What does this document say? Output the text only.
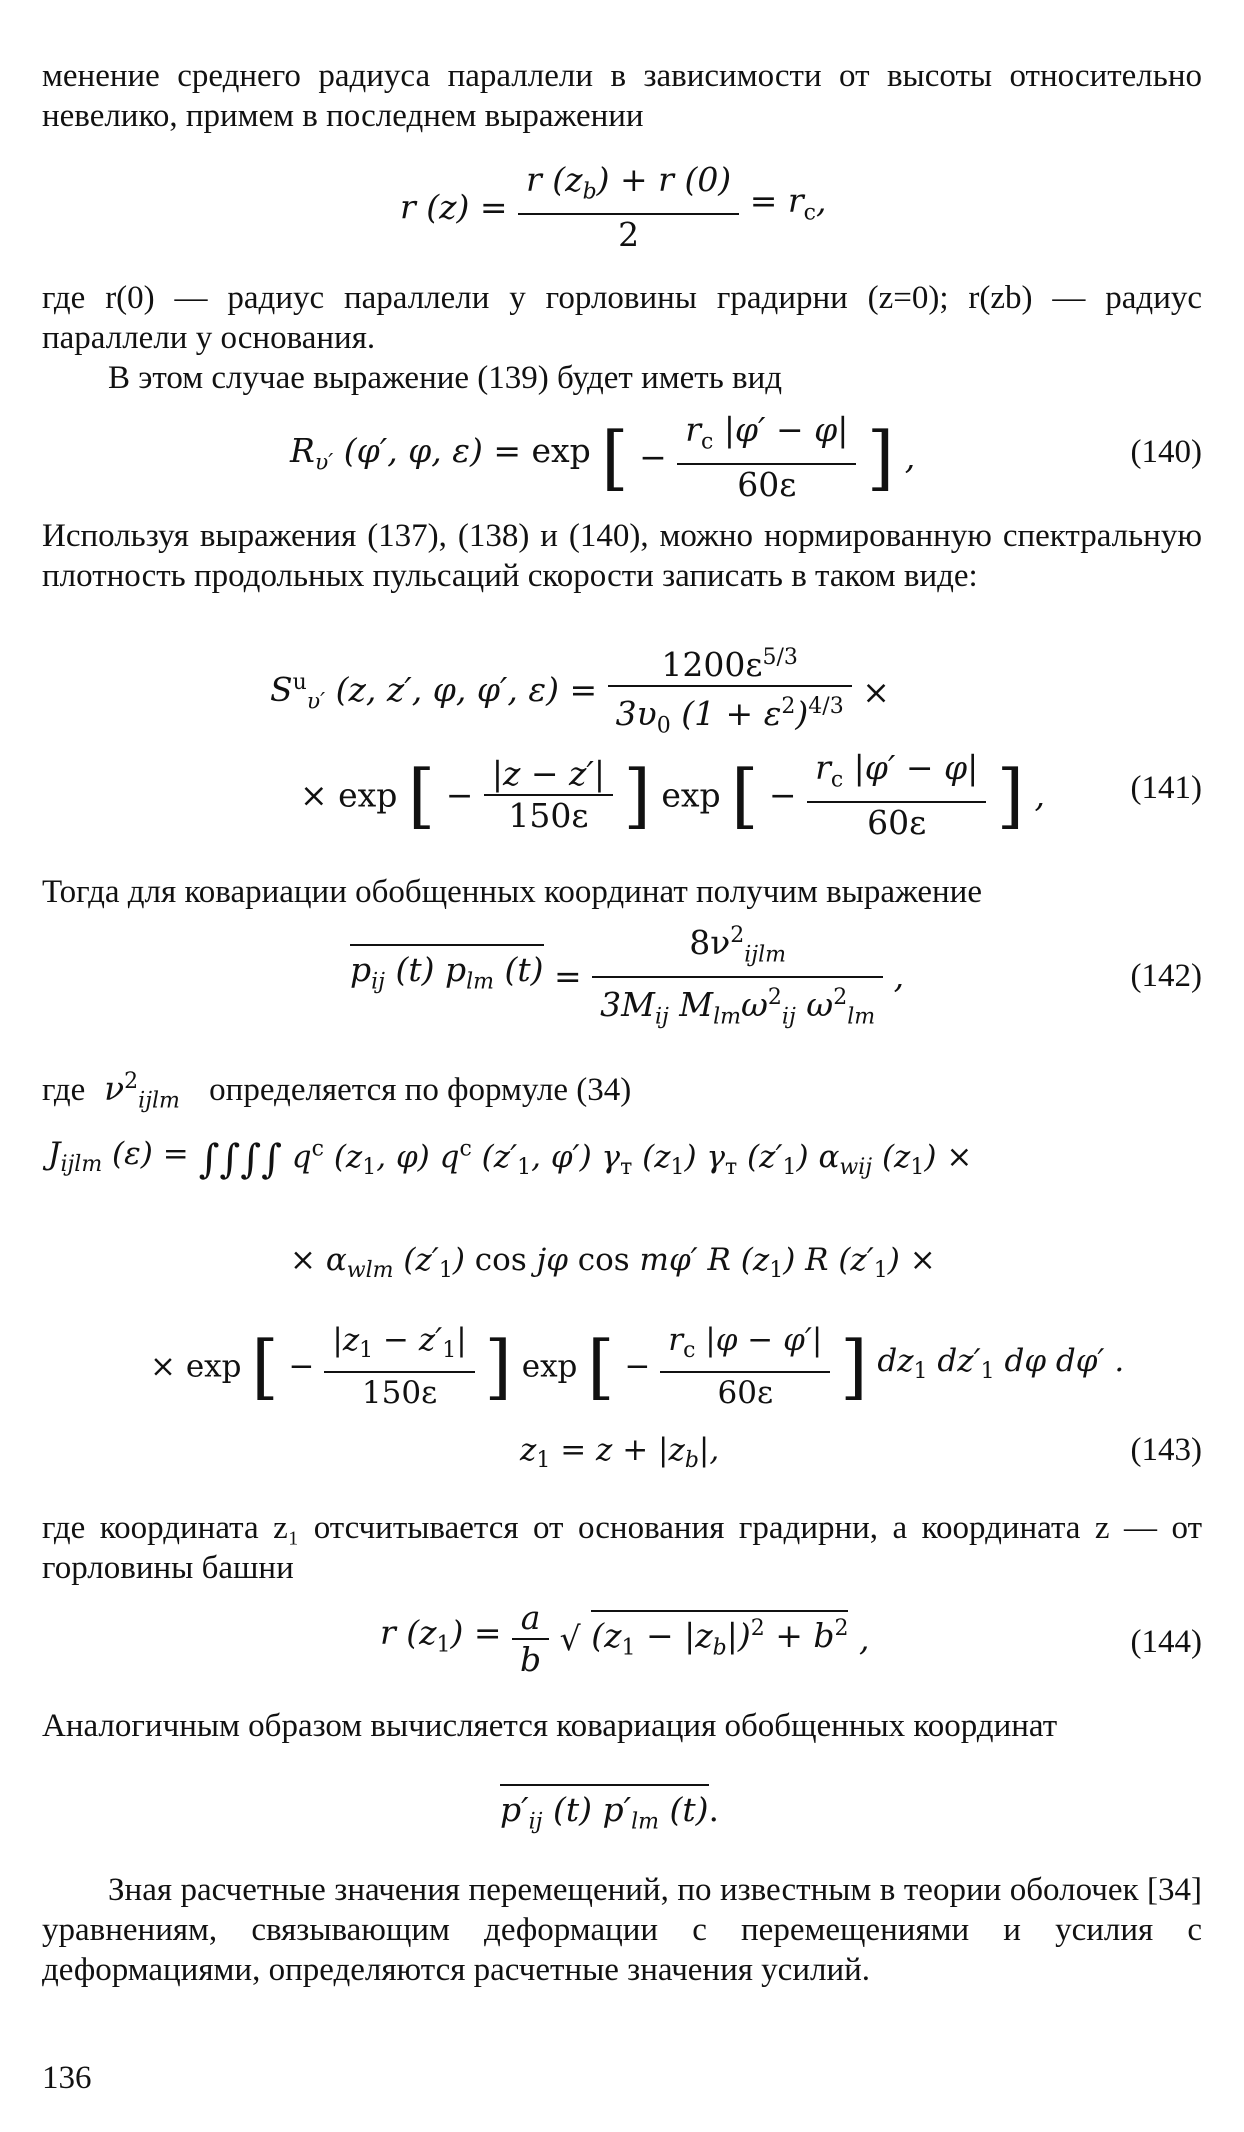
менение среднего радиуса параллели в зависимости от высоты относительно невелико, примем в последнем выражении

r $(z) = \frac{r (z_b) + r (0)}{2} = r_c$,

где r(0) — радиус параллели у горловины градирни (z=0); r(zb) — радиус параллели у основания.

В этом случае выражение (139) будет иметь вид

$R_{\upsilon'}$ (φ′, φ, ε) = exp [ − $\frac{r_c |\varphi' - \varphi|}{60\varepsilon}$ ] ,	(140)

Используя выражения (137), (138) и (140), можно нормированную спектральную плотность продольных пульсаций скорости записать в таком виде:

$S^u_{\upsilon'}$ (z, z′, φ, φ′, $\varepsilon) = \frac{1200\varepsilon^{5/3}}{3\upsilon_0 (1 + \varepsilon^2)^{4/3}}$ ×
× exp [ − $\frac{|z - z'|}{150\varepsilon}$ ] exp [ − $\frac{r_c |\varphi' - \varphi|}{60\varepsilon}$ ] ,	(141)

Тогда для ковариации обобщенных координат получим выражение

$p_{ij}$ (t) $p_{lm}$ $(t) = \frac{8\nu^2_{ijlm}}{3M_{ij} M_{lm}\omega^2_{ij} \omega^2_{lm}}$ ,	(142)
где  $\nu^2_{ijlm}$ определяется по формуле (34)
$J_{ijlm}$ (ε) = ∫∫∫∫ $q^c$ ($z_1$, φ) $q^c$ ($z'_1$, φ′) $\gamma_т$ $(z_1)$ $\gamma_т$ $(z'_1)$ $\alpha_{wij}$ $(z_1)$ ×
× $\alpha_{wlm}$ $(z'_1)$ cos jφ cos mφ′ R $(z_1)$ R $(z'_1)$ ×
× exp [ − $\frac{|z_1 - z'_1|}{150\varepsilon}$ ] exp [ − $\frac{r_c |\varphi - \varphi'|}{60\varepsilon}$ ] $dz_1$ $dz'_1$ dφ dφ′ .
$z_1 = z + |z_b|$,	(143)

где координата z₁ отсчитывается от основания градирни, а координата z — от горловины башни

r $(z_1) = \frac{a}{b}$ √ $(z_1 - |z_b|)^2 + b^2$ ,	(144)

Аналогичным образом вычисляется ковариация обобщенных координат

$p'_{ij}$ (t) $p'_{lm}$ (t).

Зная расчетные значения перемещений, по известным в теории оболочек [34] уравнениям, связывающим деформации с перемещениями и усилия с деформациями, определяются расчетные значения усилий.

136
